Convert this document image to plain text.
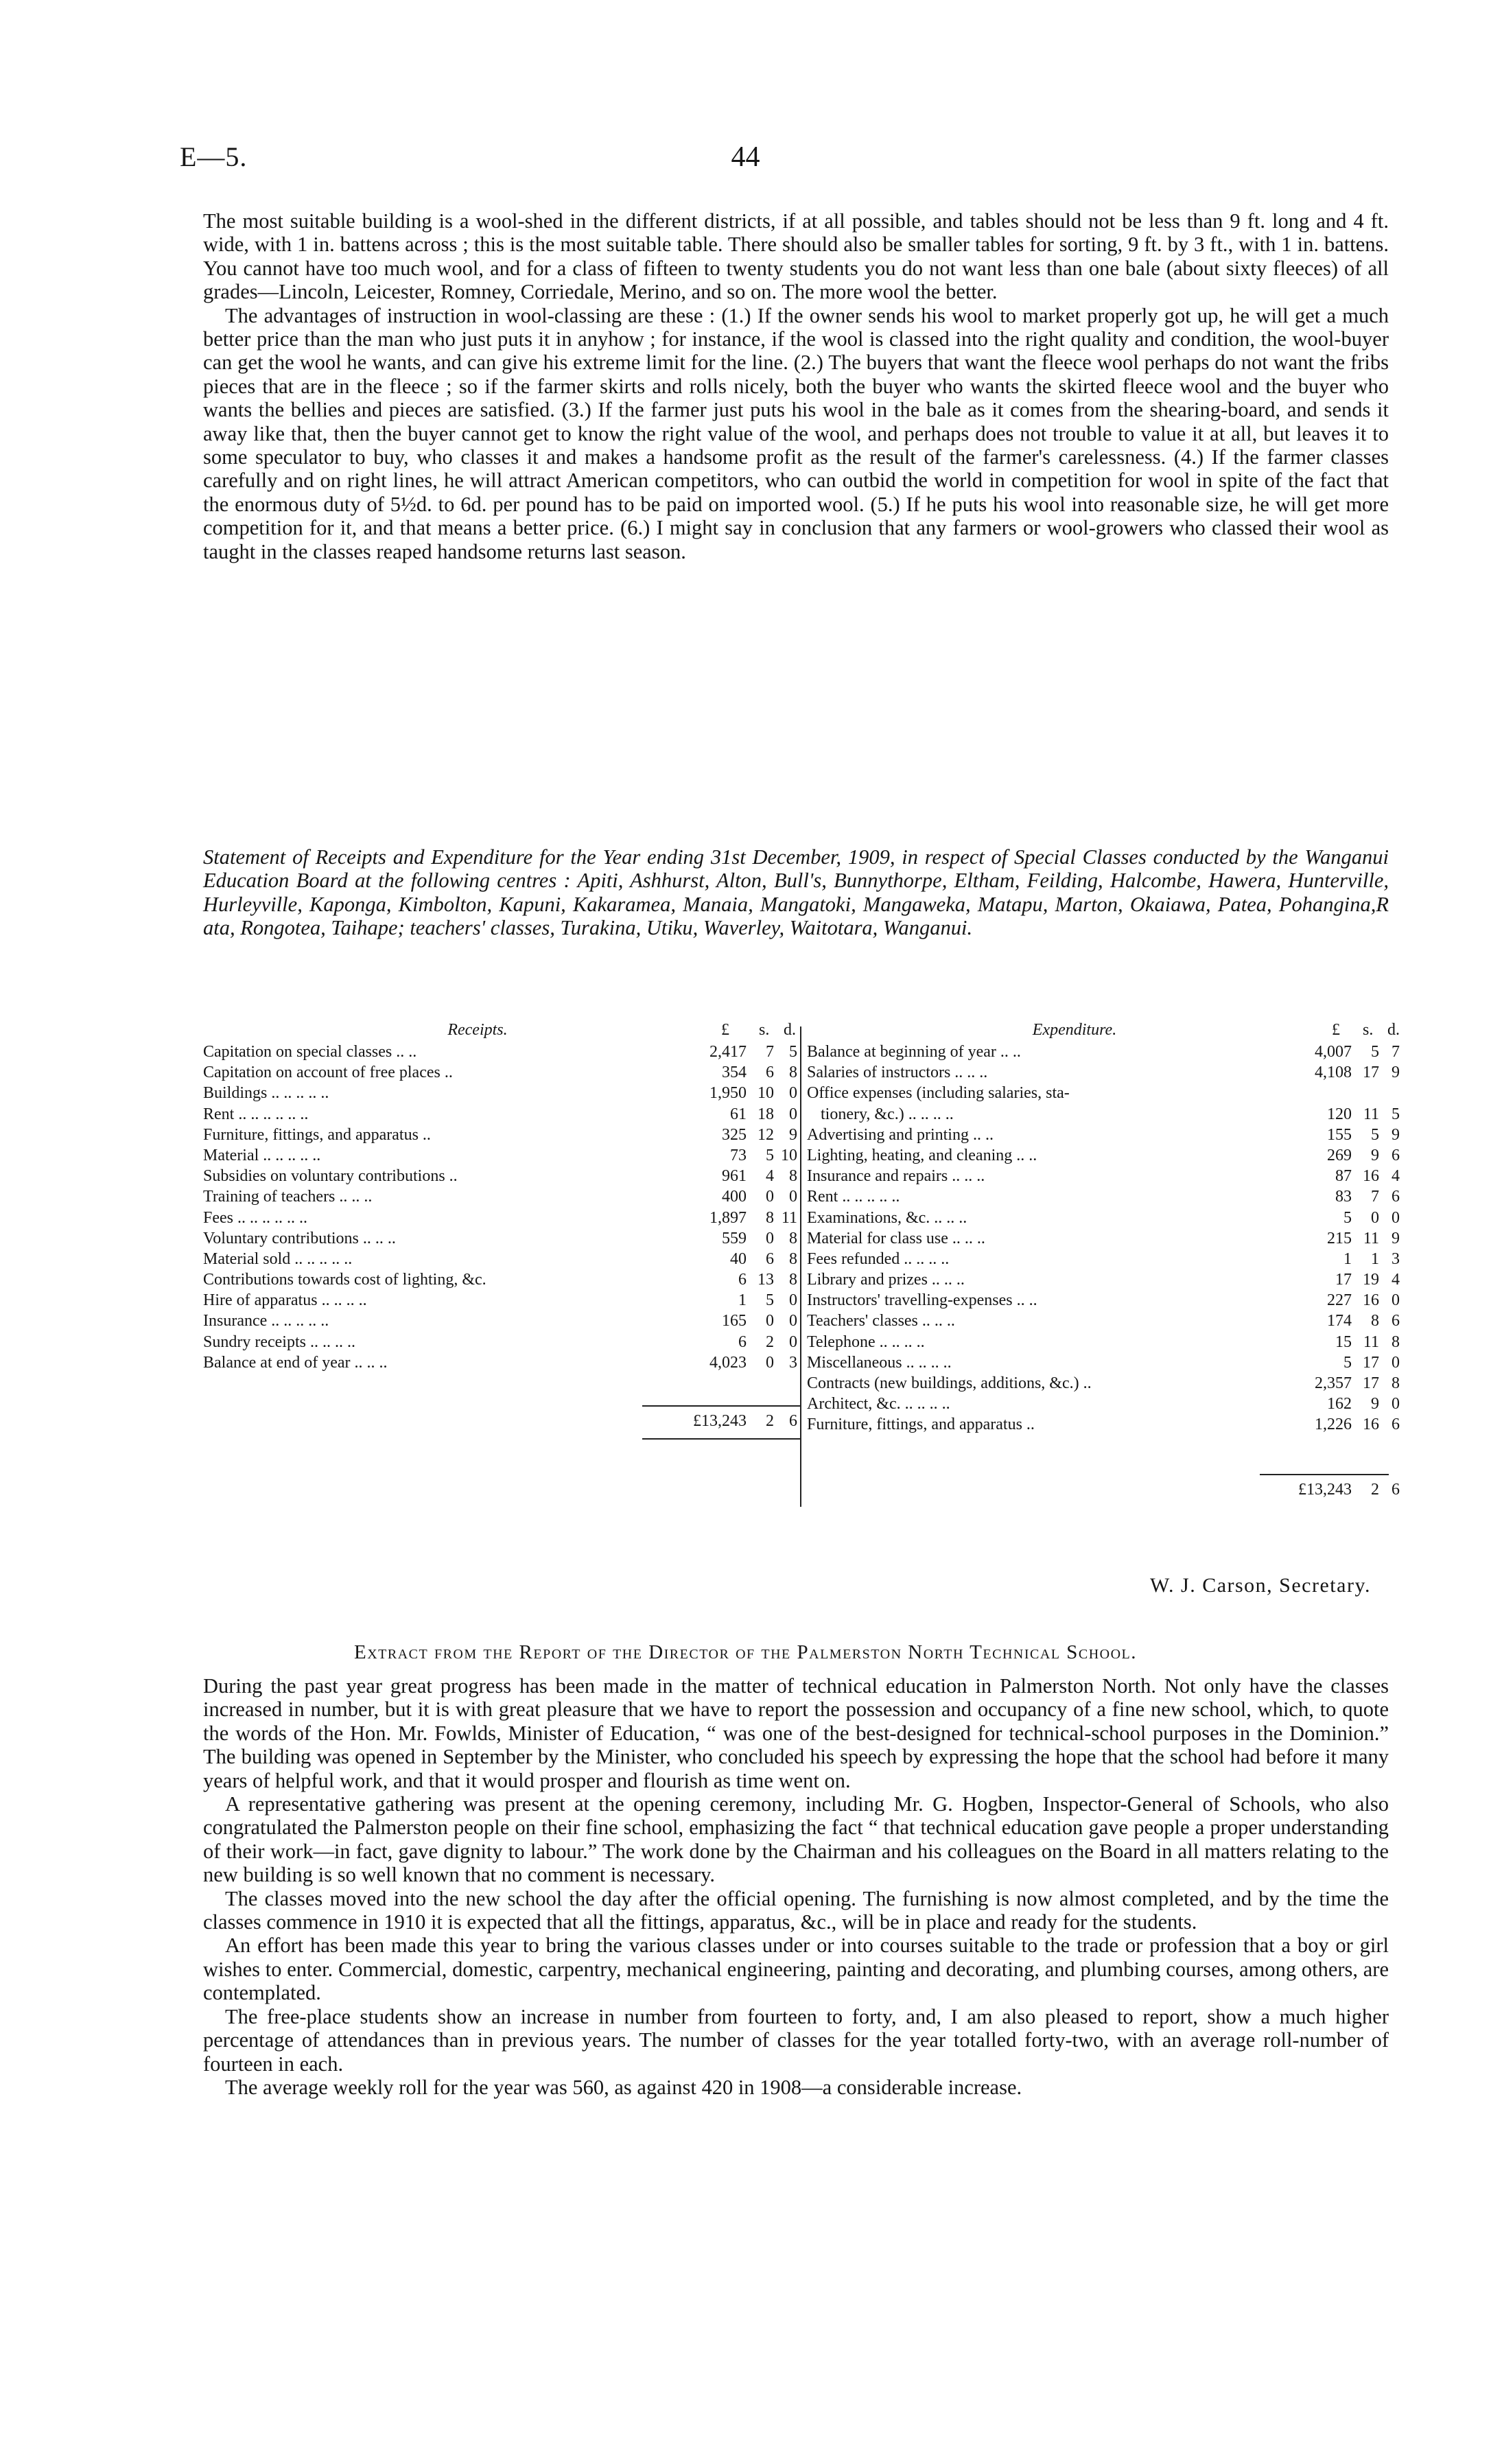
E—5.	44

The most suitable building is a wool-shed in the different districts, if at all possible, and tables should not be less than 9 ft. long and 4 ft. wide, with 1 in. battens across ; this is the most suitable table. There should also be smaller tables for sorting, 9 ft. by 3 ft., with 1 in. battens. You cannot have too much wool, and for a class of fifteen to twenty students you do not want less than one bale (about sixty fleeces) of all grades—Lincoln, Leicester, Romney, Corriedale, Merino, and so on. The more wool the better.

The advantages of instruction in wool-classing are these : (1.) If the owner sends his wool to market properly got up, he will get a much better price than the man who just puts it in anyhow ; for instance, if the wool is classed into the right quality and condition, the wool-buyer can get the wool he wants, and can give his extreme limit for the line. (2.) The buyers that want the fleece wool perhaps do not want the fribs pieces that are in the fleece ; so if the farmer skirts and rolls nicely, both the buyer who wants the skirted fleece wool and the buyer who wants the bellies and pieces are satisfied. (3.) If the farmer just puts his wool in the bale as it comes from the shearing-board, and sends it away like that, then the buyer cannot get to know the right value of the wool, and perhaps does not trouble to value it at all, but leaves it to some speculator to buy, who classes it and makes a handsome profit as the result of the farmer's carelessness. (4.) If the farmer classes carefully and on right lines, he will attract American competitors, who can outbid the world in competition for wool in spite of the fact that the enormous duty of 5½d. to 6d. per pound has to be paid on imported wool. (5.) If he puts his wool into reasonable size, he will get more competition for it, and that means a better price. (6.) I might say in conclusion that any farmers or wool-growers who classed their wool as taught in the classes reaped handsome returns last season.

Statement of Receipts and Expenditure for the Year ending 31st December, 1909, in respect of Special Classes conducted by the Wanganui Education Board at the following centres : Apiti, Ashhurst, Alton, Bull's, Bunnythorpe, Eltham, Feilding, Halcombe, Hawera, Hunterville, Hurleyville, Kaponga, Kimbolton, Kapuni, Kakaramea, Manaia, Mangatoki, Mangaweka, Matapu, Marton, Okaiawa, Patea, Pohangina,R ata, Rongotea, Taihape; teachers' classes, Turakina, Utiku, Waverley, Waitotara, Wanganui.
Receipts.	£ s. d.
Capitation on special classes .. ..	2,417	7 5
Capitation on account of free places ..	354	6 8
Buildings .. .. .. .. ..	1,950 10 0
Rent .. .. .. .. .. ..	61 18 0
Furniture, fittings, and apparatus ..	325 12 9
Material .. .. .. .. ..	73	5 10
Subsidies on voluntary contributions ..	961	4 8
Training of teachers .. .. ..	400	0 0
Fees .. .. .. .. .. ..	1,897	8 11
Voluntary contributions .. .. ..	559	0 8
Material sold .. .. .. .. ..	40	6 8
Contributions towards cost of lighting, &c.	6 13 8
Hire of apparatus .. .. .. ..	1	5 0
Insurance .. .. .. .. ..	165	0 0
Sundry receipts .. .. .. ..	6	2 0
Balance at end of year .. .. ..	4,023	0 3
£13,243	2 6
Expenditure.	£ s. d.
Balance at beginning of year .. ..	4,007	5 7
Salaries of instructors .. .. ..	4,108 17 9
Office expenses (including salaries, sta-
tionery, &c.) .. .. .. ..	120 11 5
Advertising and printing .. ..	155	5 9
Lighting, heating, and cleaning .. ..	269	9 6
Insurance and repairs .. .. ..	87 16 4
Rent .. .. .. .. ..	83	7 6
Examinations, &c. .. .. ..	5	0 0
Material for class use .. .. ..	215 11 9
Fees refunded .. .. .. ..	1	1 3
Library and prizes .. .. ..	17 19 4
Instructors' travelling-expenses .. ..	227 16 0
Teachers' classes .. .. ..	174	8 6
Telephone .. .. .. ..	15 11 8
Miscellaneous .. .. .. ..	5 17 0
Contracts (new buildings, additions, &c.) ..	2,357 17 8
Architect, &c. .. .. .. ..	162	9 0
Furniture, fittings, and apparatus ..	1,226 16 6
£13,243	2 6
W. J. Carson, Secretary.
Extract from the Report of the Director of the Palmerston North Technical School.

During the past year great progress has been made in the matter of technical education in Palmerston North. Not only have the classes increased in number, but it is with great pleasure that we have to report the possession and occupancy of a fine new school, which, to quote the words of the Hon. Mr. Fowlds, Minister of Education, “ was one of the best-designed for technical-school purposes in the Dominion.” The building was opened in September by the Minister, who concluded his speech by expressing the hope that the school had before it many years of helpful work, and that it would prosper and flourish as time went on.

A representative gathering was present at the opening ceremony, including Mr. G. Hogben, Inspector-General of Schools, who also congratulated the Palmerston people on their fine school, emphasizing the fact “ that technical education gave people a proper understanding of their work—in fact, gave dignity to labour.” The work done by the Chairman and his colleagues on the Board in all matters relating to the new building is so well known that no comment is necessary.

The classes moved into the new school the day after the official opening. The furnishing is now almost completed, and by the time the classes commence in 1910 it is expected that all the fittings, apparatus, &c., will be in place and ready for the students.

An effort has been made this year to bring the various classes under or into courses suitable to the trade or profession that a boy or girl wishes to enter. Commercial, domestic, carpentry, mechanical engineering, painting and decorating, and plumbing courses, among others, are contemplated.

The free-place students show an increase in number from fourteen to forty, and, I am also pleased to report, show a much higher percentage of attendances than in previous years. The number of classes for the year totalled forty-two, with an average roll-number of fourteen in each.

The average weekly roll for the year was 560, as against 420 in 1908—a considerable increase.
